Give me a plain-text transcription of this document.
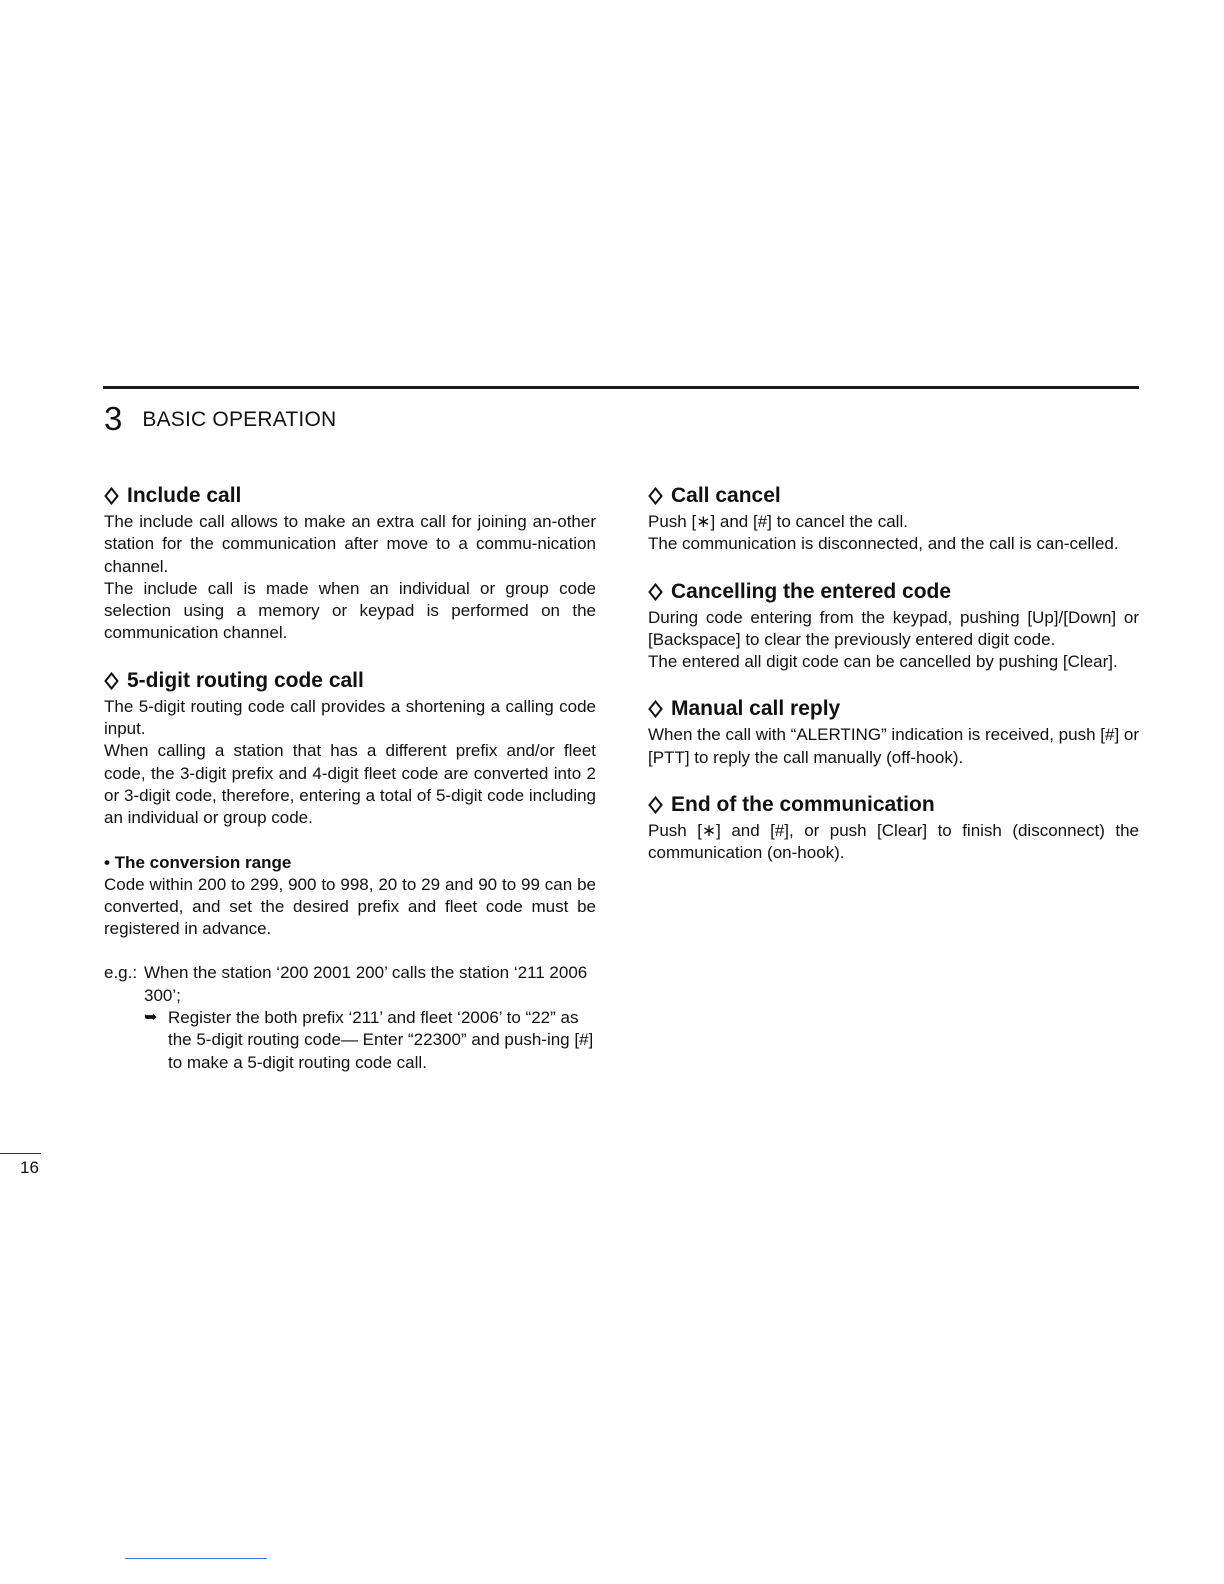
3 BASIC OPERATION
Include call

The include call allows to make an extra call for joining an-other station for the communication after move to a commu-nication channel.

The include call is made when an individual or group code selection using a memory or keypad is performed on the communication channel.

5-digit routing code call

The 5-digit routing code call provides a shortening a calling code input.

When calling a station that has a different prefix and/or fleet code, the 3-digit prefix and 4-digit fleet code are converted into 2 or 3-digit code, therefore, entering a total of 5-digit code including an individual or group code.

• The conversion range

Code within 200 to 299, 900 to 998, 20 to 29 and 90 to 99 can be converted, and set the desired prefix and fleet code must be registered in advance.

e.g.: When the station ‘200 2001 200’ calls the station ‘211 2006 300’;
➥ Register the both prefix ‘211’ and fleet ‘2006’ to “22” as the 5-digit routing code— Enter “22300” and push-ing [#] to make a 5-digit routing code call.
Call cancel

Push [∗] and [#] to cancel the call.

The communication is disconnected, and the call is can-celled.

Cancelling the entered code

During code entering from the keypad, pushing [Up]/[Down] or [Backspace] to clear the previously entered digit code.

The entered all digit code can be cancelled by pushing [Clear].

Manual call reply

When the call with “ALERTING” indication is received, push [#] or [PTT] to reply the call manually (off-hook).

End of the communication

Push [∗] and [#], or push [Clear] to finish (disconnect) the communication (on-hook).

16
